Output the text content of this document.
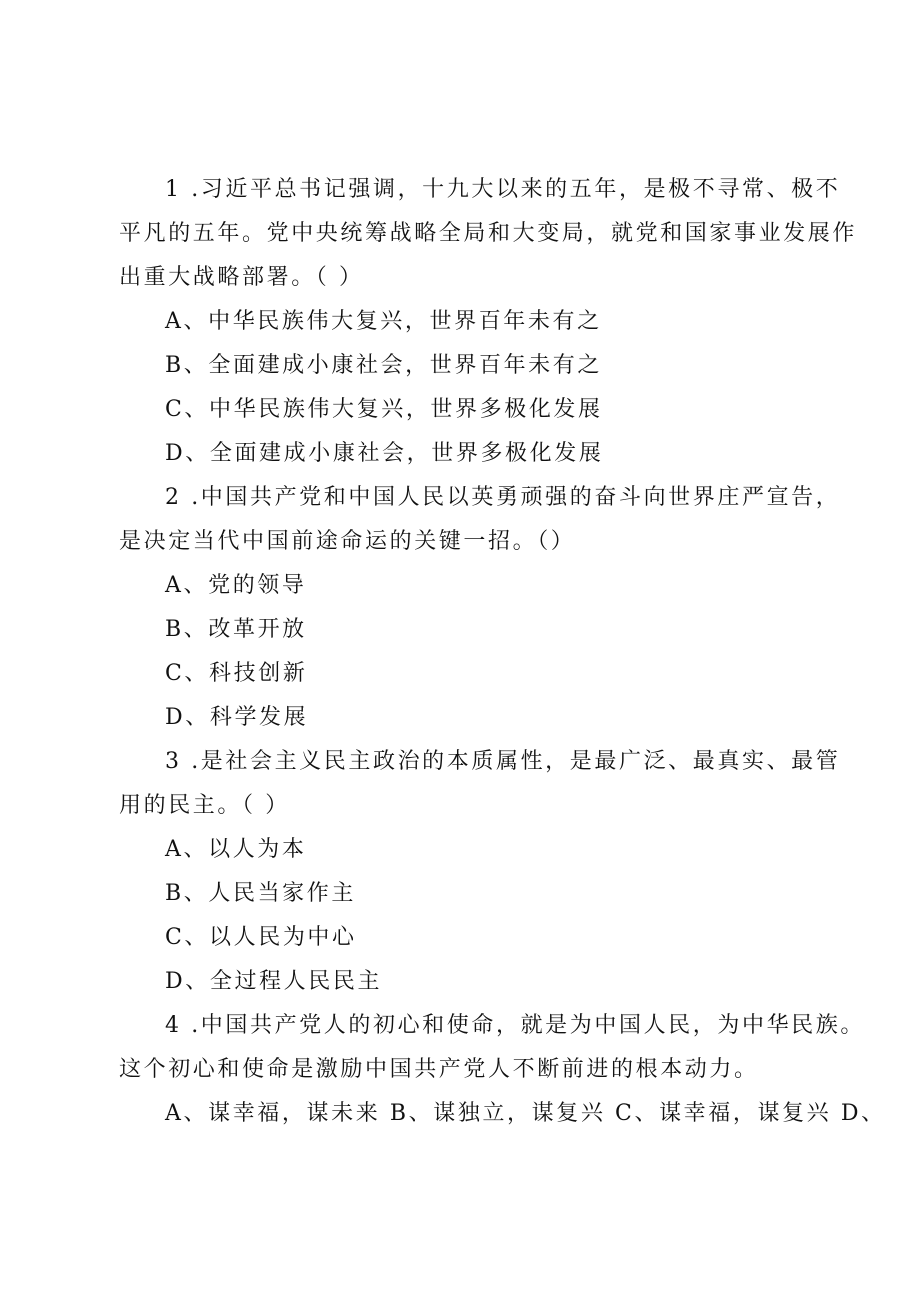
1 .习近平总书记强调，十九大以来的五年，是极不寻常、极不
平凡的五年。党中央统筹战略全局和大变局，就党和国家事业发展作
出重大战略部署。（ ）
A、中华民族伟大复兴，世界百年未有之
B、全面建成小康社会，世界百年未有之
C、中华民族伟大复兴，世界多极化发展
D、全面建成小康社会，世界多极化发展
2 .中国共产党和中国人民以英勇顽强的奋斗向世界庄严宣告，
是决定当代中国前途命运的关键一招。（）
A、党的领导
B、改革开放
C、科技创新
D、科学发展
3 .是社会主义民主政治的本质属性，是最广泛、最真实、最管
用的民主。（ ）
A、以人为本
B、人民当家作主
C、以人民为中心
D、全过程人民民主
4 .中国共产党人的初心和使命，就是为中国人民，为中华民族。
这个初心和使命是激励中国共产党人不断前进的根本动力。
A、谋幸福，谋未来 B、谋独立，谋复兴 C、谋幸福，谋复兴 D、
